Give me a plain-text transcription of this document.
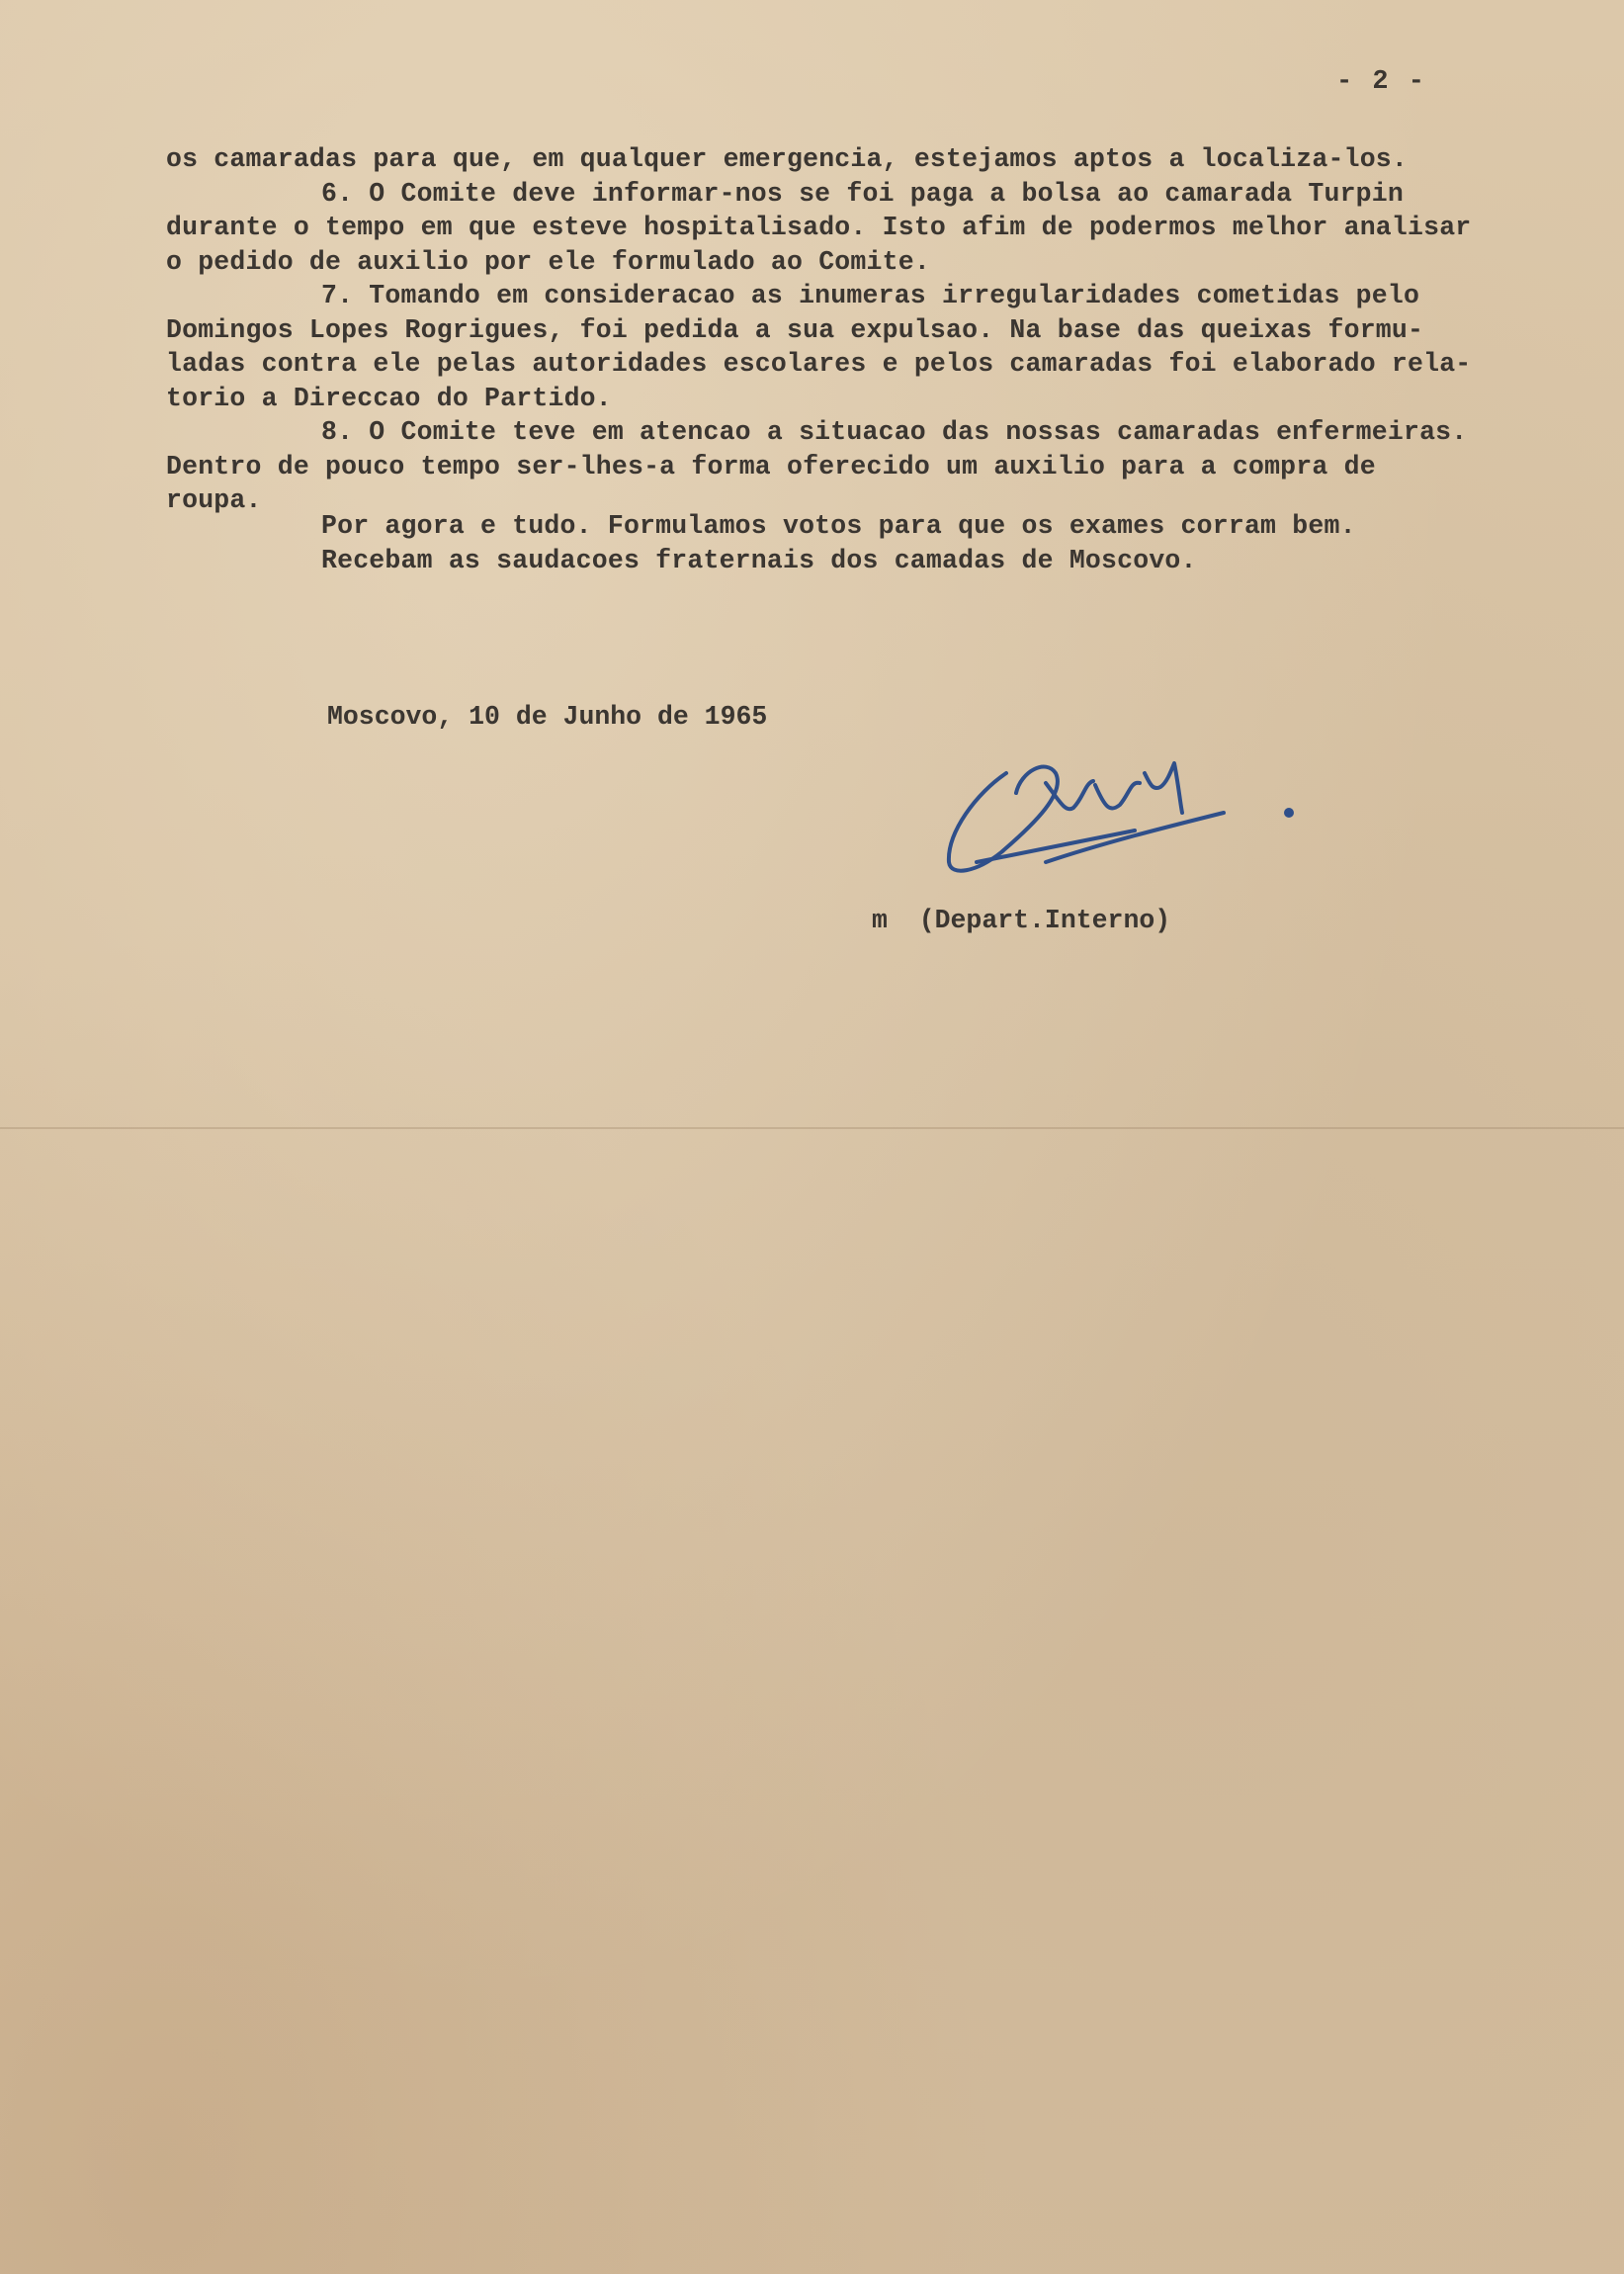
- 2 -
os camaradas para que, em qualquer emergencia, estejamos aptos a localiza-los.
6. O Comite deve informar-nos se foi paga a bolsa ao camarada Turpin
durante o tempo em que esteve hospitalisado. Isto afim de podermos melhor analisar
o pedido de auxilio por ele formulado ao Comite.
7. Tomando em consideracao as inumeras irregularidades cometidas pelo
Domingos Lopes Rogrigues, foi pedida a sua expulsao. Na base das queixas formu-
ladas contra ele pelas autoridades escolares e pelos camaradas foi elaborado rela-
torio a Direccao do Partido.
8. O Comite teve em atencao a situacao das nossas camaradas enfermeiras.
Dentro de pouco tempo ser-lhes-a forma oferecido um auxilio para a compra de
roupa.
Por agora e tudo. Formulamos votos para que os exames corram bem.
Recebam as saudacoes fraternais dos camadas de Moscovo.
Moscovo, 10 de Junho de 1965
m  (Depart.Interno)
